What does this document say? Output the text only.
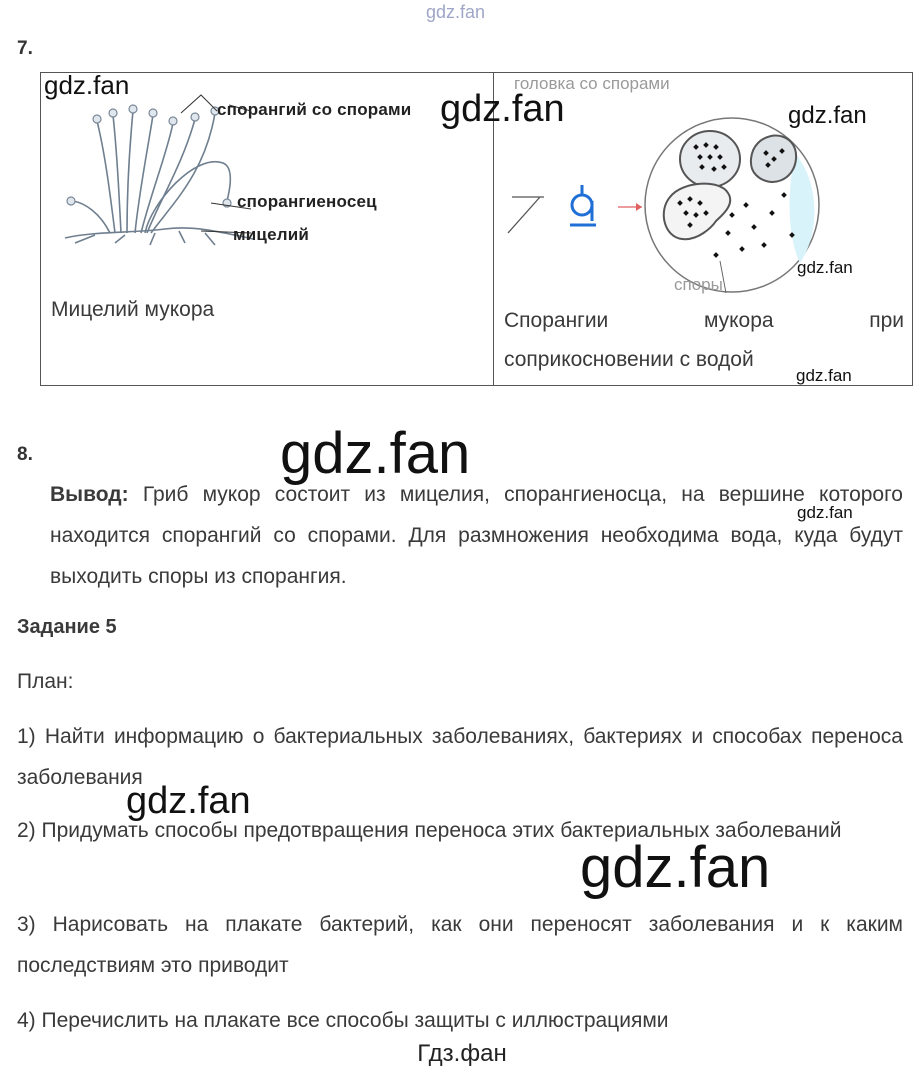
gdz.fan
7.
спорангий со спорами
спорангиеносец
мицелий
Мицелий мукора
головка со спорами
споры
Спорангии	мукора	при
соприкосновении с водой
gdz.fan
gdz.fan	gdz.fan
gdz.fan
gdz.fan
8.	gdz.fan
Вывод: Гриб мукор состоит из мицелия, спорангиеносца, на вершине которого находится спорангий со спорами. Для размножения необходима вода, куда будут выходить споры из спорангия.
gdz.fan
Задание 5
План:
1) Найти информацию о бактериальных заболеваниях, бактериях и способах переноса заболевания
gdz.fan
2) Придумать способы предотвращения переноса этих бактериальных заболеваний
gdz.fan
3) Нарисовать на плакате бактерий, как они переносят заболевания и к каким последствиям это приводит
4) Перечислить на плакате все способы защиты с иллюстрациями
Гдз.фан
